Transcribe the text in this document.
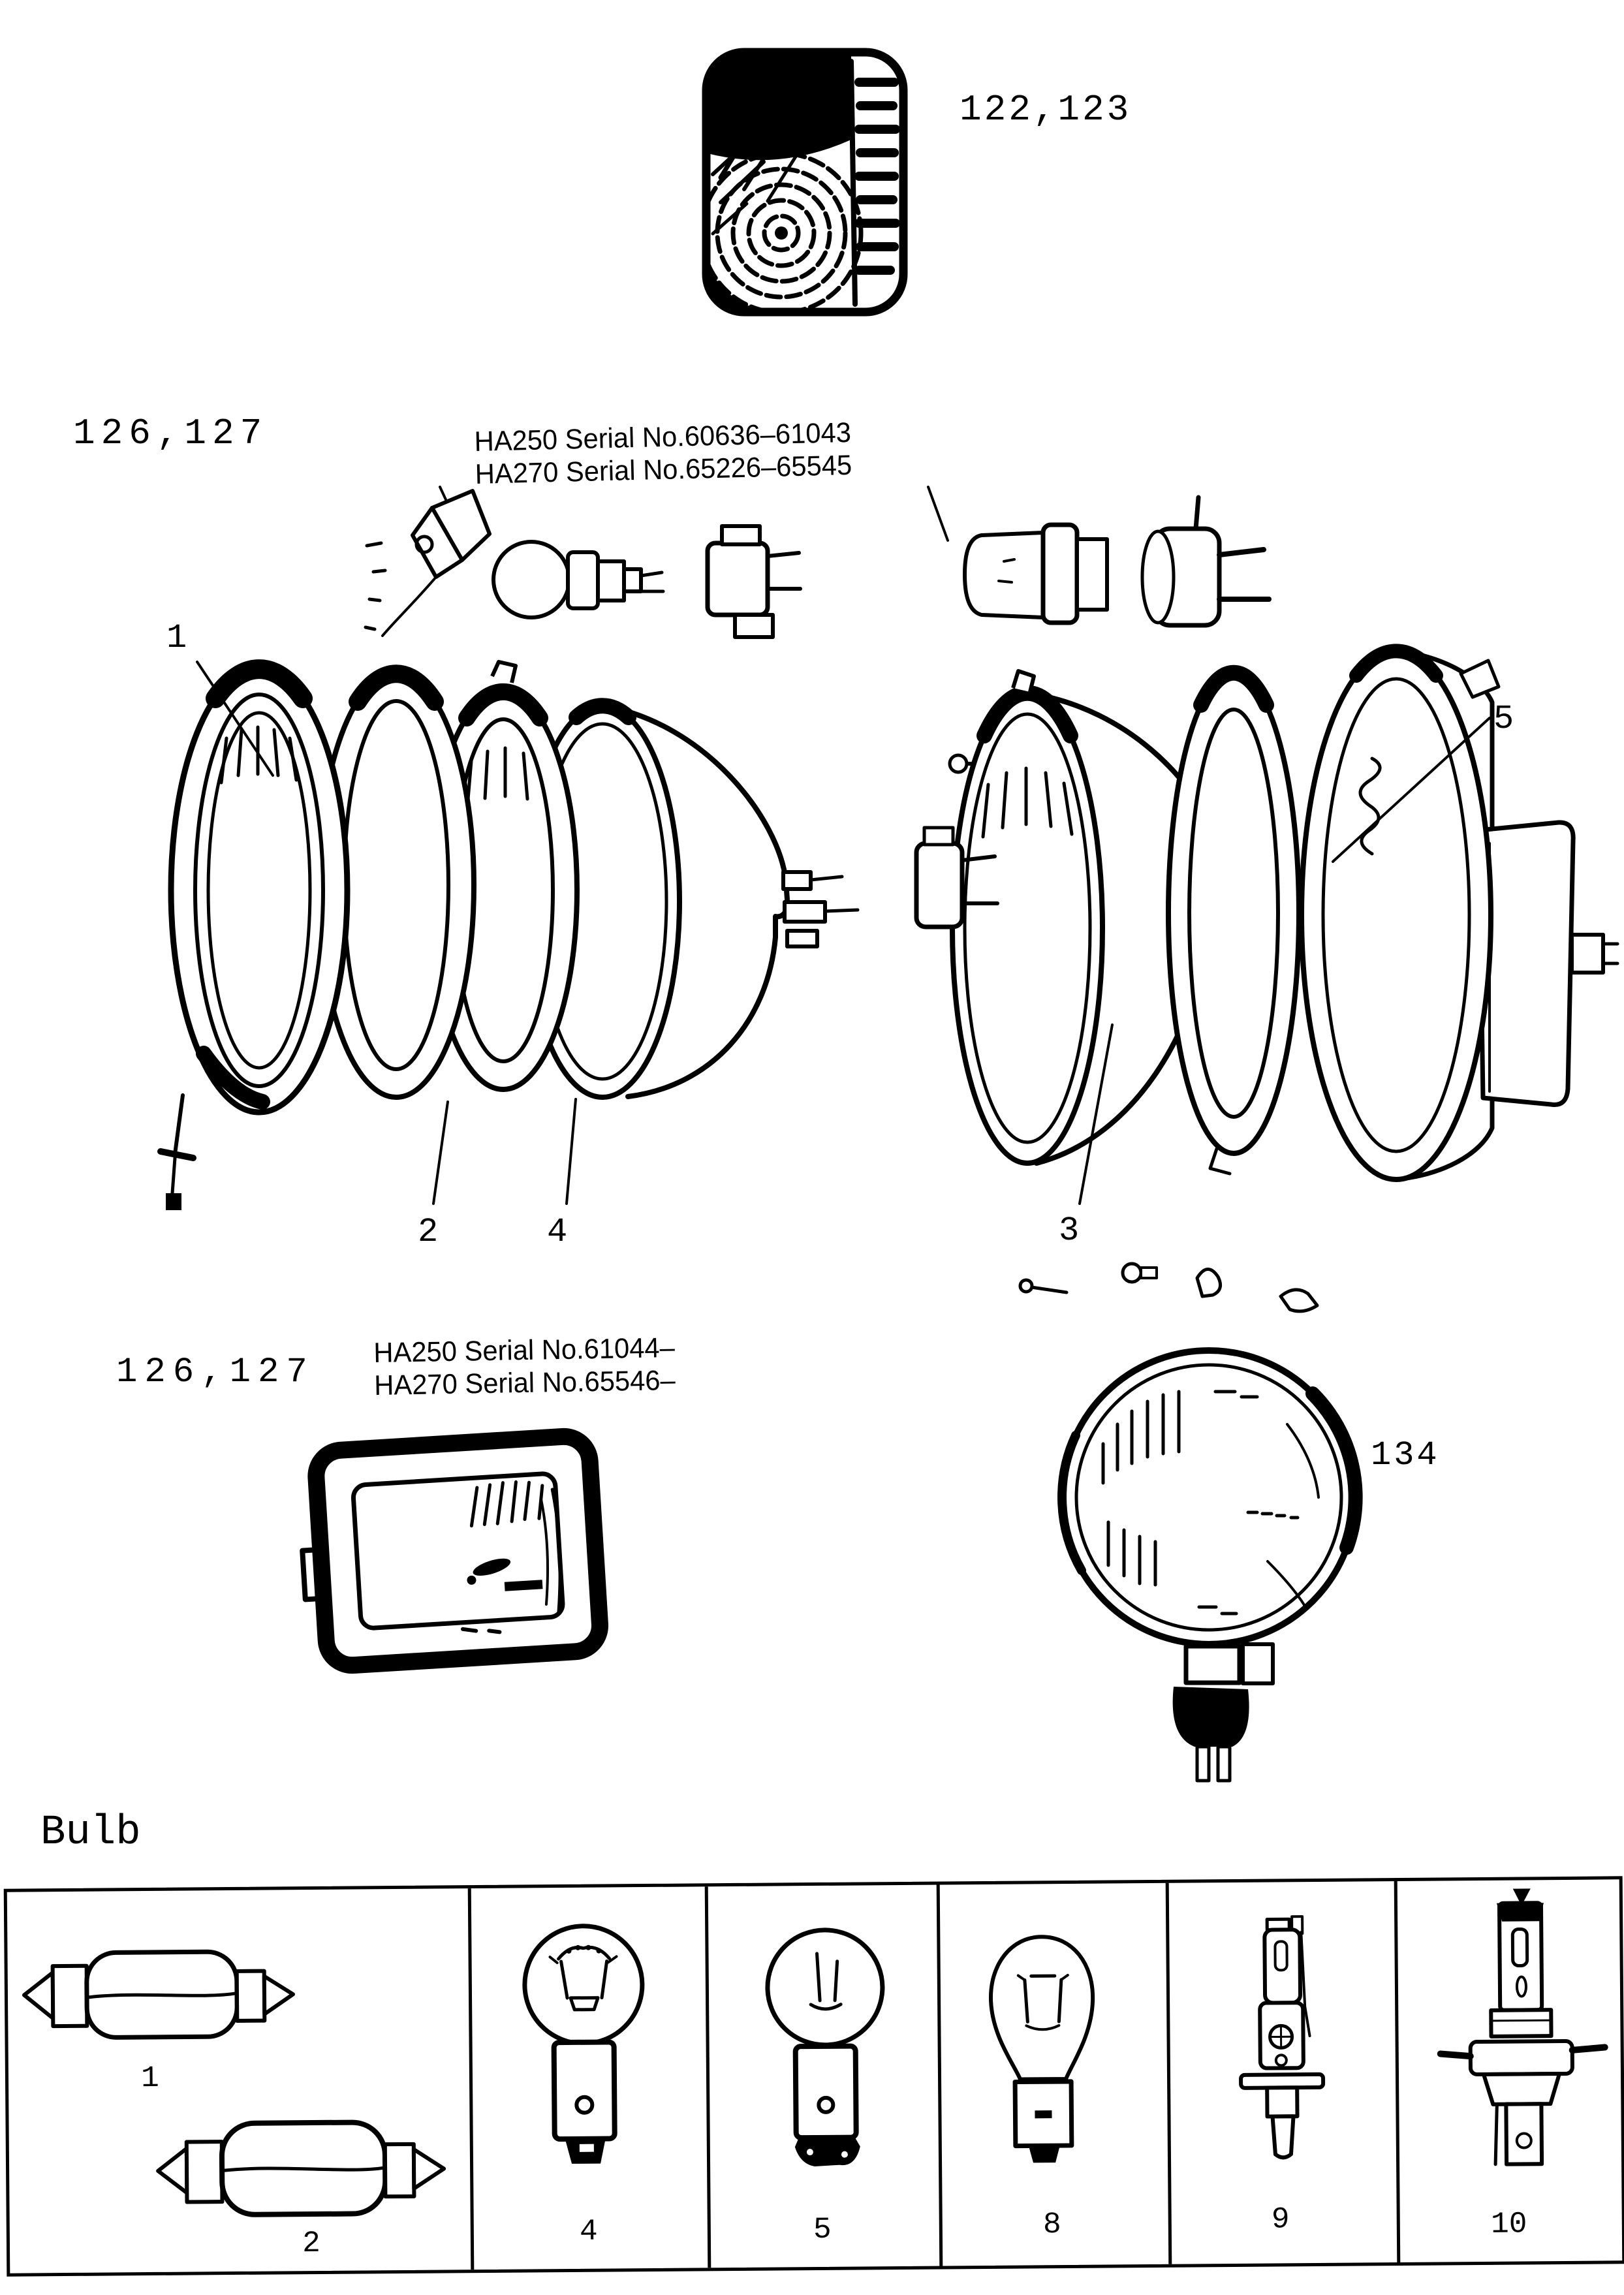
122,123
126,127	HA250 Serial No.60636–61043
HA270 Serial No.65226–65545
1
2	4	3
5
126,127
HA250 Serial No.61044–
HA270 Serial No.65546–
134
Bulb
1
2	4	5	8	9	10
